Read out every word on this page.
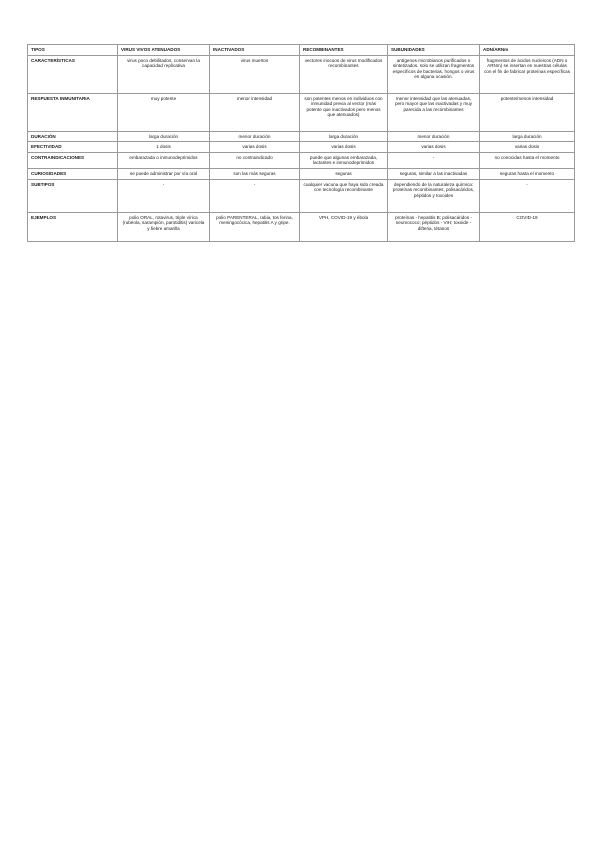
TIPOS	VIRUS VIVOS ATENUADOS	INACTIVADOS	RECOMBINANTES	SUBUNIDADES	ADN/ARNm
CARACTERÍSTICAS	virus poco debilitados, conservan la capacidad replicativa	virus muertos	vectores inocuos de virus modificados recombinantes	antígenos microbianos purificados o sintetizados. solo se utilizan fragmentos específicos de bacterias, hongos o virus en alguna ocasión.	fragmentos de ácidos nucleicos (ADN o ARNm) se insertan en nuestras células con el fin de fabricar proteínas específicas
RESPUESTA INMUNITARIA	muy potente	menor intensidad	son potentes menos en individuos con inmunidad previa al vector (más potente que inactivados pero menos que atenuados)	menor intensidad que las atenuadas, pero mayor que las inactivadas y muy parecida a las recombinantes	potente/menos intensidad
DURACIÓN	larga duración	menor duración	larga duración	menor duración	larga duración
EFECTIVIDAD	1 dosis	varias dosis	varias dosis	varias dosis	varias dosis
CONTRAINDICACIONES	embarazada o inmunodeprimidos	no contraindicado	puede que algunas embarazada, lactantes e inmunodeprimidos	-	no conocidas hasta el momento
CURIOSIDADES	se puede administrar por vía oral	son las más seguras	seguras	seguras, similar a las inactivadas	seguras hasta el momento
SUBTIPOS	-	-	cualquier vacuna que haya sido creada con tecnología recombinante	dependiendo de la naturaleza química: proteínas recombinantes, polisacáridos, péptidos y toxoides	-
EJEMPLOS	polio ORAL, rotavirus, triple vírica (rubéola, sarampión, parotiditis) varicela y fiebre amarilla	polio PARENTERAL, rabia, tos ferina, meningocócica, hepatitis A y gripe.	VPH, COVID-19 y ébola	proteínas - hepatitis B; polisacáridos - neumococo; péptidos - VIH; toxoide - difteria, tétanos	COVID-19
